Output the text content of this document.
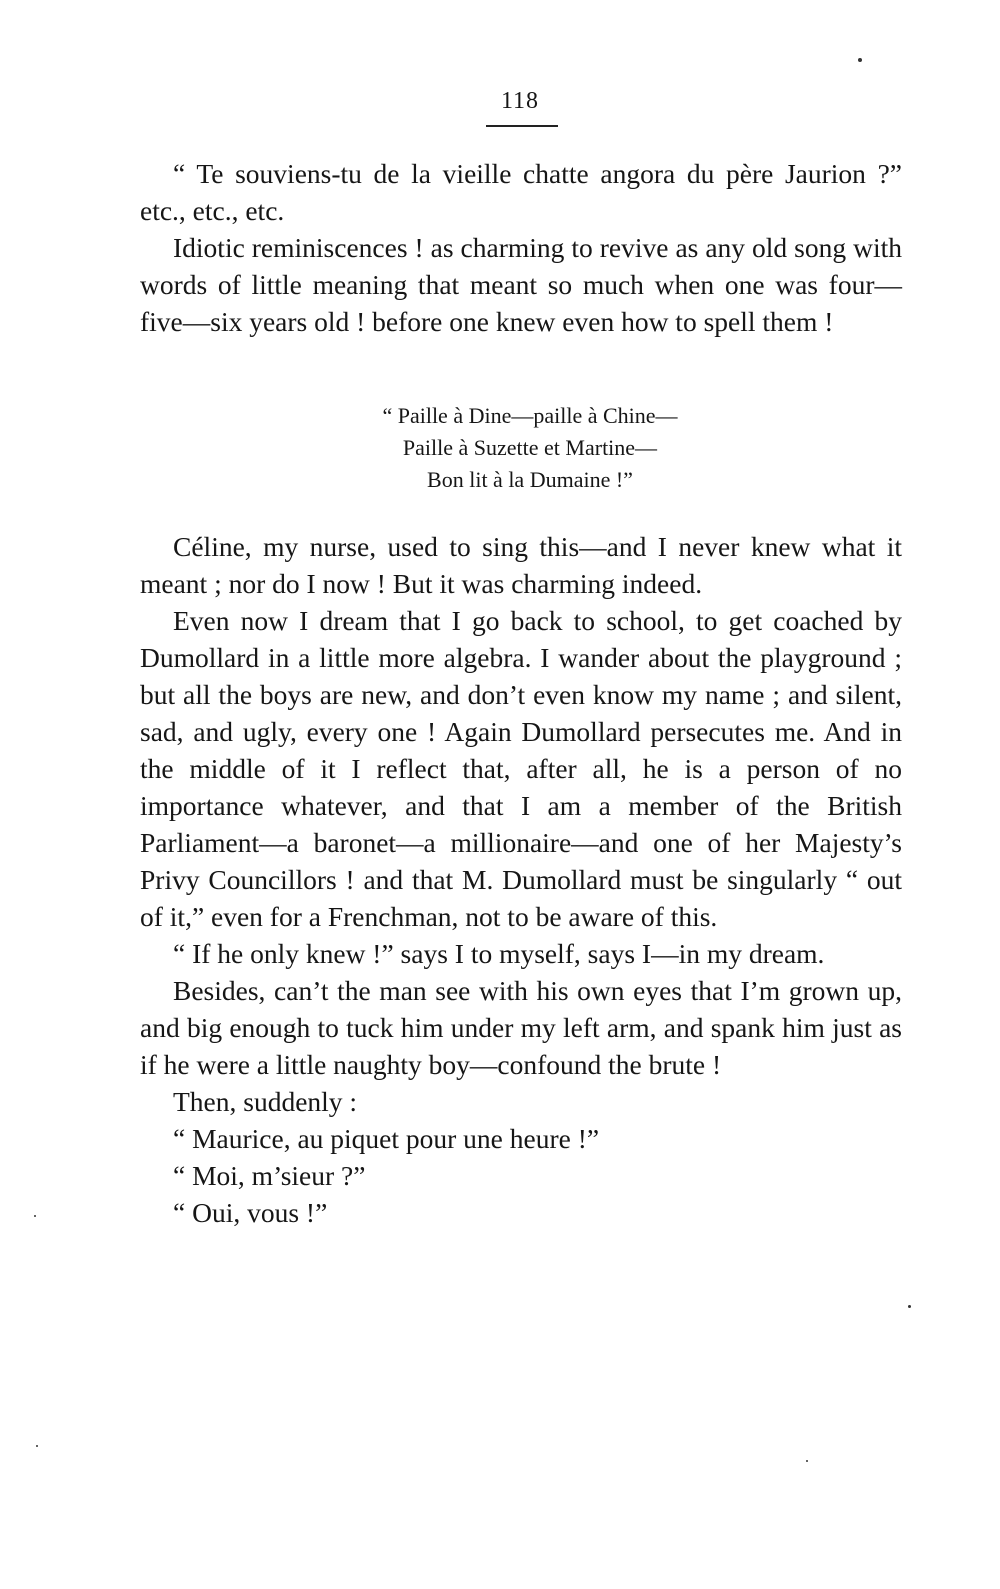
118

“ Te souviens-tu de la vieille chatte angora du père Jaurion ?” etc., etc., etc.

Idiotic reminiscences ! as charming to revive as any old song with words of little meaning that meant so much when one was four—five—six years old ! before one knew even how to spell them !

“ Paille à Dine—paille à Chine—
Paille à Suzette et Martine—
Bon lit à la Dumaine !”

Céline, my nurse, used to sing this—and I never knew what it meant ; nor do I now ! But it was charming indeed.

Even now I dream that I go back to school, to get coached by Dumollard in a little more algebra. I wander about the playground ; but all the boys are new, and don’t even know my name ; and silent, sad, and ugly, every one ! Again Dumollard persecutes me. And in the middle of it I reflect that, after all, he is a person of no importance whatever, and that I am a member of the British Parliament—a baronet—a millionaire—and one of her Majesty’s Privy Councillors ! and that M. Dumollard must be singularly “ out of it,” even for a Frenchman, not to be aware of this.

“ If he only knew !” says I to myself, says I—in my dream.

Besides, can’t the man see with his own eyes that I’m grown up, and big enough to tuck him under my left arm, and spank him just as if he were a little naughty boy—confound the brute !

Then, suddenly :

“ Maurice, au piquet pour une heure !”

“ Moi, m’sieur ?”

“ Oui, vous !”
